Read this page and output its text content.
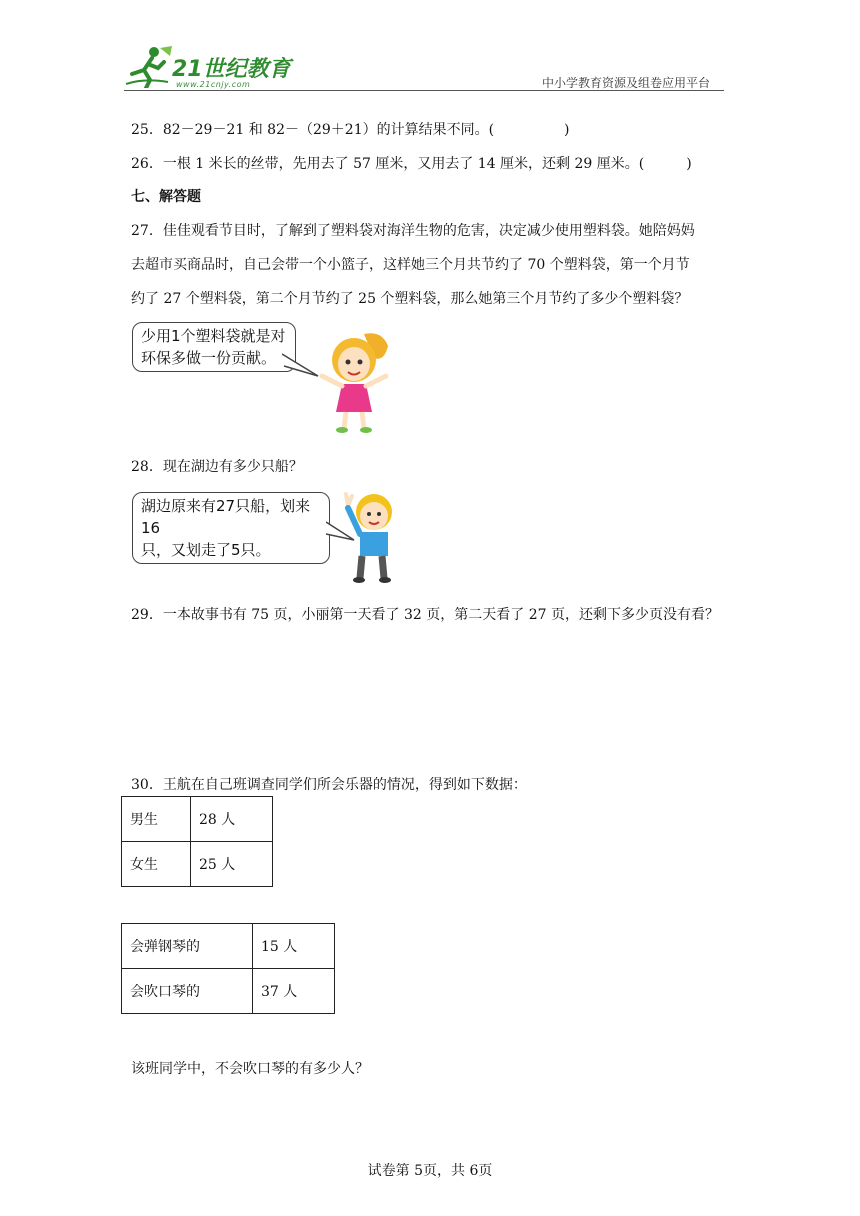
21世纪教育
www.21cnjy.com	中小学教育资源及组卷应用平台
25．82－29－21 和 82－（29＋21）的计算结果不同。(　　　　　)
26．一根 1 米长的丝带，先用去了 57 厘米，又用去了 14 厘米，还剩 29 厘米。(　　　)
七、解答题
27．佳佳观看节目时，了解到了塑料袋对海洋生物的危害，决定减少使用塑料袋。她陪妈妈
去超市买商品时，自己会带一个小篮子，这样她三个月共节约了 70 个塑料袋，第一个月节
约了 27 个塑料袋，第二个月节约了 25 个塑料袋，那么她第三个月节约了多少个塑料袋？
少用1个塑料袋就是对
环保多做一份贡献。
28．现在湖边有多少只船？
湖边原来有27只船，划来16
只，又划走了5只。
29．一本故事书有 75 页，小丽第一天看了 32 页，第二天看了 27 页，还剩下多少页没有看？
30．王航在自己班调查同学们所会乐器的情况，得到如下数据：
男生	28 人
女生	25 人
会弹钢琴的	15 人
会吹口琴的	37 人
该班同学中，不会吹口琴的有多少人？
试卷第 5页，共 6页
